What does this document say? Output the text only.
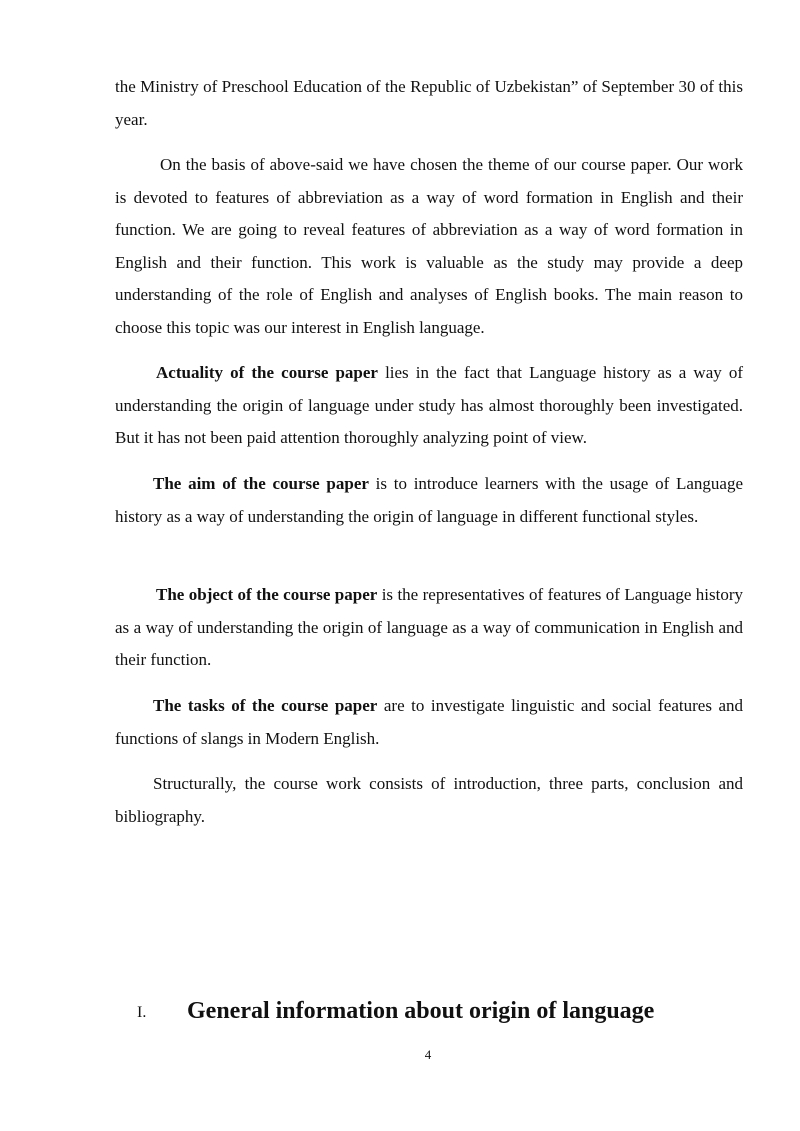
the Ministry of Preschool Education of the Republic of Uzbekistan” of September 30 of this year.

On the basis of above-said we have chosen the theme of our course paper. Our work is devoted to features of abbreviation as a way of word formation in English and their function. We are going to reveal features of abbreviation as a way of word formation in English and their function. This work is valuable as the study may provide a deep understanding of the role of English and analyses of English books. The main reason to choose this topic was our interest in English language.

Actuality of the course paper lies in the fact that Language history as a way of understanding the origin of language under study has almost thoroughly been investigated. But it has not been paid attention thoroughly analyzing point of view.

The aim of the course paper is to introduce learners with the usage of Language history as a way of understanding the origin of language in different functional styles.

The object of the course paper is the representatives of features of Language history as a way of understanding the origin of language as a way of communication in English and their function.

The tasks of the course paper are to investigate linguistic and social features and functions of slangs in Modern English.

Structurally, the course work consists of introduction, three parts, conclusion and bibliography.

I. General information about origin of language
4
